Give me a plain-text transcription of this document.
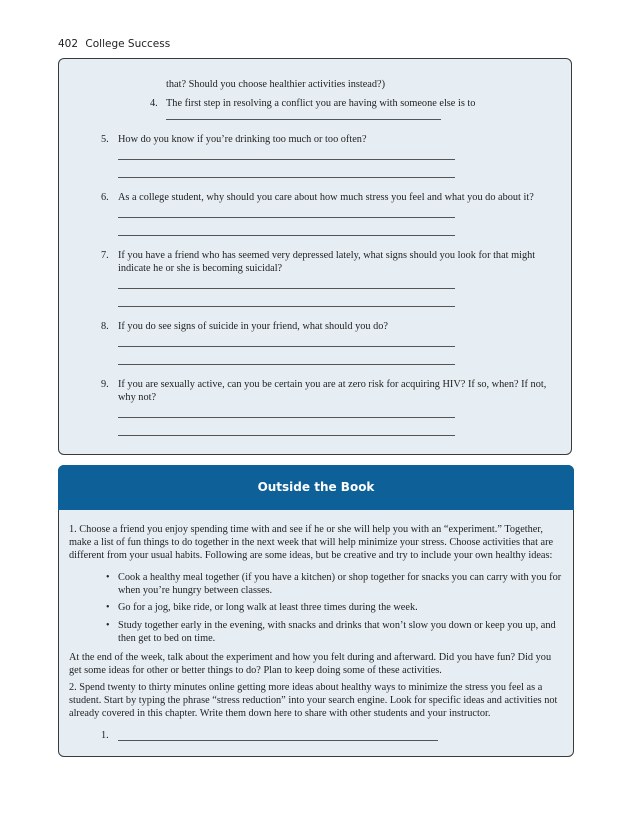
402 College Success
that? Should you choose healthier activities instead?)
4. The first step in resolving a conflict you are having with someone else is to
5. How do you know if you’re drinking too much or too often?
6. As a college student, why should you care about how much stress you feel and what you do about it?
7. If you have a friend who has seemed very depressed lately, what signs should you look for that might
indicate he or she is becoming suicidal?
8. If you do see signs of suicide in your friend, what should you do?
9. If you are sexually active, can you be certain you are at zero risk for acquiring HIV? If so, when? If not,
why not?
Outside the Book
1. Choose a friend you enjoy spending time with and see if he or she will help you with an “experiment.” Together,
make a list of fun things to do together in the next week that will help minimize your stress. Choose activities that are
different from your usual habits. Following are some ideas, but be creative and try to include your own healthy ideas:
• Cook a healthy meal together (if you have a kitchen) or shop together for snacks you can carry with you for
when you’re hungry between classes.
• Go for a jog, bike ride, or long walk at least three times during the week.
• Study together early in the evening, with snacks and drinks that won’t slow you down or keep you up, and
then get to bed on time.
At the end of the week, talk about the experiment and how you felt during and afterward. Did you have fun? Did you
get some ideas for other or better things to do? Plan to keep doing some of these activities.
2. Spend twenty to thirty minutes online getting more ideas about healthy ways to minimize the stress you feel as a
student. Start by typing the phrase “stress reduction” into your search engine. Look for specific ideas and activities not
already covered in this chapter. Write them down here to share with other students and your instructor.
1.
